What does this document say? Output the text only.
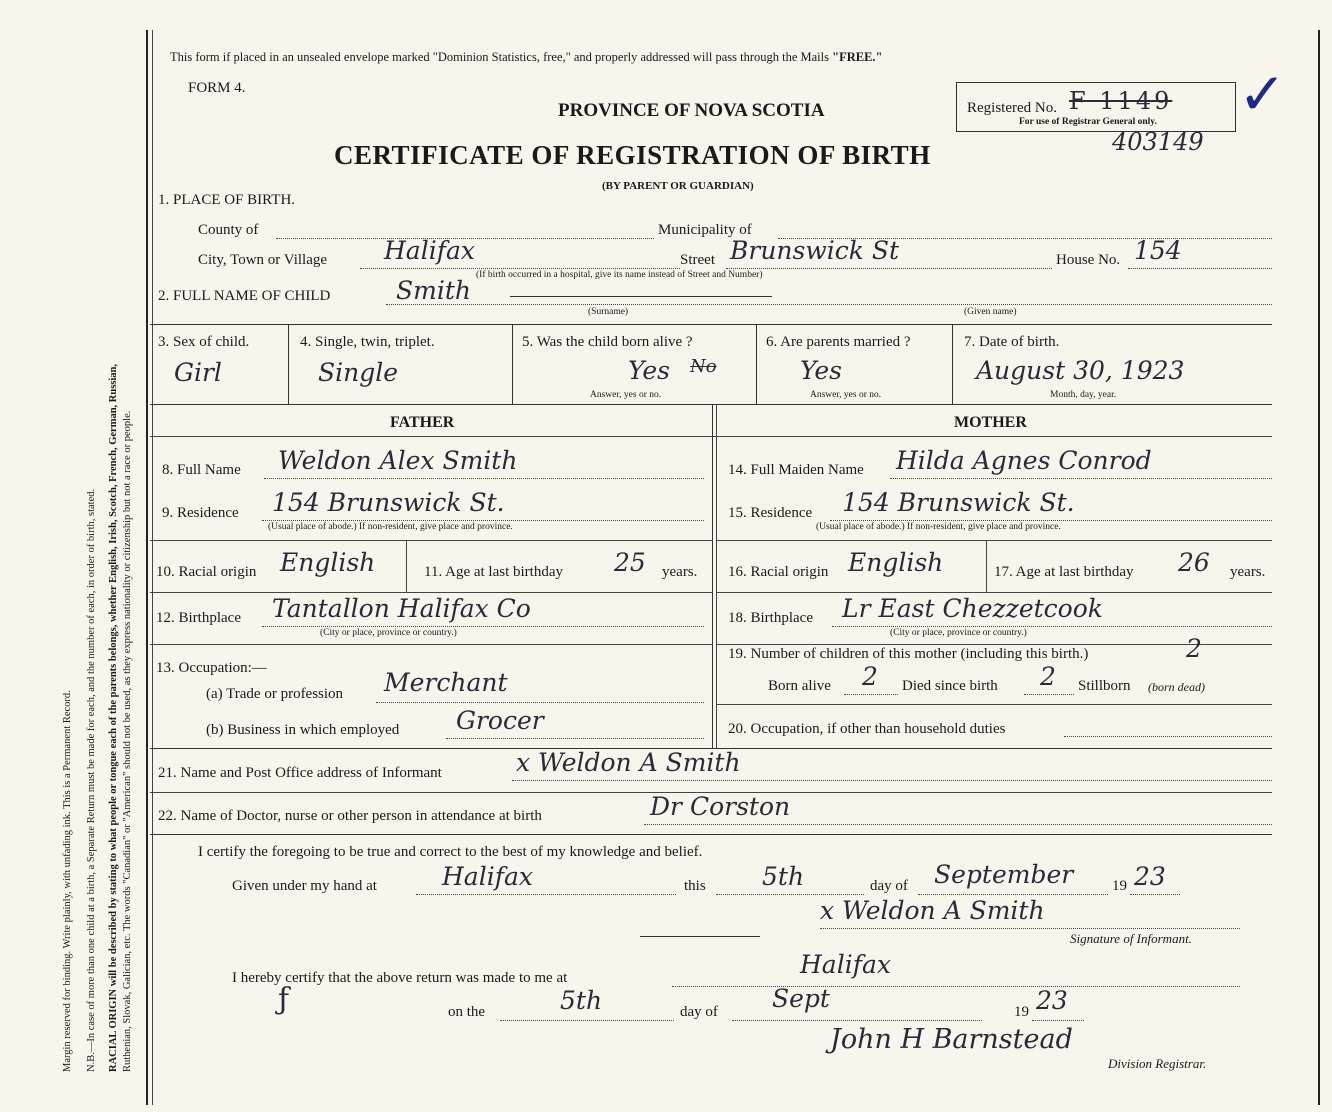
Margin reserved for binding. Write plainly, with unfading ink. This is a Permanent Record. N.B.—In case of more than one child at a birth, a Separate Return must be made for each, and the number of each, in order of birth, stated. RACIAL ORIGIN will be described by stating to what people or tongue each of the parents belongs, whether English, Irish, Scotch, French, German, Russian, Ruthenian, Slovak, Galician, etc. The words "Canadian" or "American" should not be used, as they express nationality or citizenship but not a race or people.
This form if placed in an unsealed envelope marked "Dominion Statistics, free," and properly addressed will pass through the Mails "FREE."
FORM 4.
PROVINCE OF NOVA SCOTIA
CERTIFICATE OF REGISTRATION OF BIRTH
(BY PARENT OR GUARDIAN)
Registered No. F 1149
For use of Registrar General only.
403149
✓
1. PLACE OF BIRTH.
County of	Municipality of
City, Town or Village Halifax	Street Brunswick St	House No. 154
(If birth occurred in a hospital, give its name instead of Street and Number)
2. FULL NAME OF CHILD	Smith
(Surname)	(Given name)
3. Sex of child.
Girl
4. Single, twin, triplet.
Single
5. Was the child born alive ?
Yes No
Answer, yes or no.
6. Are parents married ?
Yes
Answer, yes or no.
7. Date of birth.
August 30, 1923
Month, day, year.
FATHER	MOTHER
8. Full Name Weldon Alex Smith
9. Residence 154 Brunswick St.
(Usual place of abode.) If non-resident, give place and province.
10. Racial origin English	11. Age at last birthday 25 years.
12. Birthplace Tantallon Halifax Co
(City or place, province or country.)
13. Occupation:—
(a) Trade or profession Merchant
(b) Business in which employed Grocer
14. Full Maiden Name Hilda Agnes Conrod
15. Residence 154 Brunswick St.
(Usual place of abode.) If non-resident, give place and province.
16. Racial origin English	17. Age at last birthday 26 years.
18. Birthplace Lr East Chezzetcook
(City or place, province or country.)
19. Number of children of this mother (including this birth.)	2
Born alive 2 Died since birth 2 Stillborn (born dead)
20. Occupation, if other than household duties
21. Name and Post Office address of Informant	x Weldon A Smith
22. Name of Doctor, nurse or other person in attendance at birth	Dr Corston
I certify the foregoing to be true and correct to the best of my knowledge and belief.
Given under my hand at	Halifax	this 5th	day of September	19 23
x Weldon A Smith
Signature of Informant.
I hereby certify that the above return was made to me at	Halifax
ƒ	on the	5th	day of Sept	19 23
John H Barnstead
Division Registrar.
